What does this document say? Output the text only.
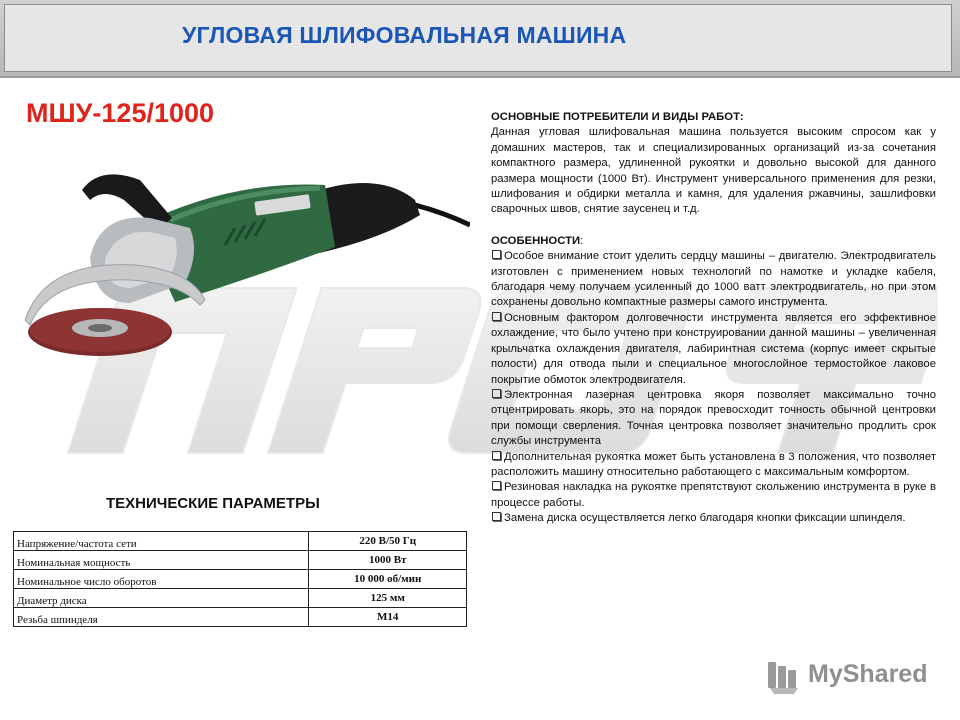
УГЛОВАЯ ШЛИФОВАЛЬНАЯ МАШИНА
МШУ-125/1000	ОСНОВНЫЕ ПОТРЕБИТЕЛИ И ВИДЫ РАБОТ:
Данная угловая шлифовальная машина пользуется высоким спросом как у домашних мастеров, так и специализированных организаций из-за сочетания компактного размера, удлиненной рукоятки и довольно высокой для данного размера мощности (1000 Вт). Инструмент универсального применения для резки, шлифования и обдирки металла и камня, для удаления ржавчины, зашлифовки сварочных швов, снятие заусенец и т.д.
ОСОБЕННОСТИ:
Особое внимание стоит уделить сердцу машины – двигателю. Электродвигатель изготовлен с применением новых технологий по намотке и укладке кабеля, благодаря чему получаем усиленный до 1000 ватт электродвигатель, но при этом сохранены довольно компактные размеры самого инструмента.
Основным фактором долговечности инструмента является его эффективное охлаждение, что было учтено при конструировании данной машины – увеличенная крыльчатка охлаждения двигателя, лабиринтная система (корпус имеет скрытые полости) для отвода пыли и специальное многослойное термостойкое лаковое покрытие обмоток электродвигателя.
Электронная лазерная центровка якоря позволяет максимально точно отцентрировать якорь, это на порядок превосходит точность обычной центровки при помощи сверления. Точная центровка позволяет значительно продлить срок службы инструмента
Дополнительная рукоятка может быть установлена в 3 положения, что позволяет расположить машину относительно работающего с максимальным комфортом.
Резиновая накладка на рукоятке препятствуют скольжению инструмента в руке в процессе работы.
Замена диска осуществляется легко благодаря кнопки фиксации шпинделя.
ТЕХНИЧЕСКИЕ ПАРАМЕТРЫ
Напряжение/частота сети	220 В/50 Гц
Номинальная мощность	1000 Вт
Номинальное число оборотов	10 000 об/мин
Диаметр диска	125 мм
Резьба шпинделя	М14
MyShared
